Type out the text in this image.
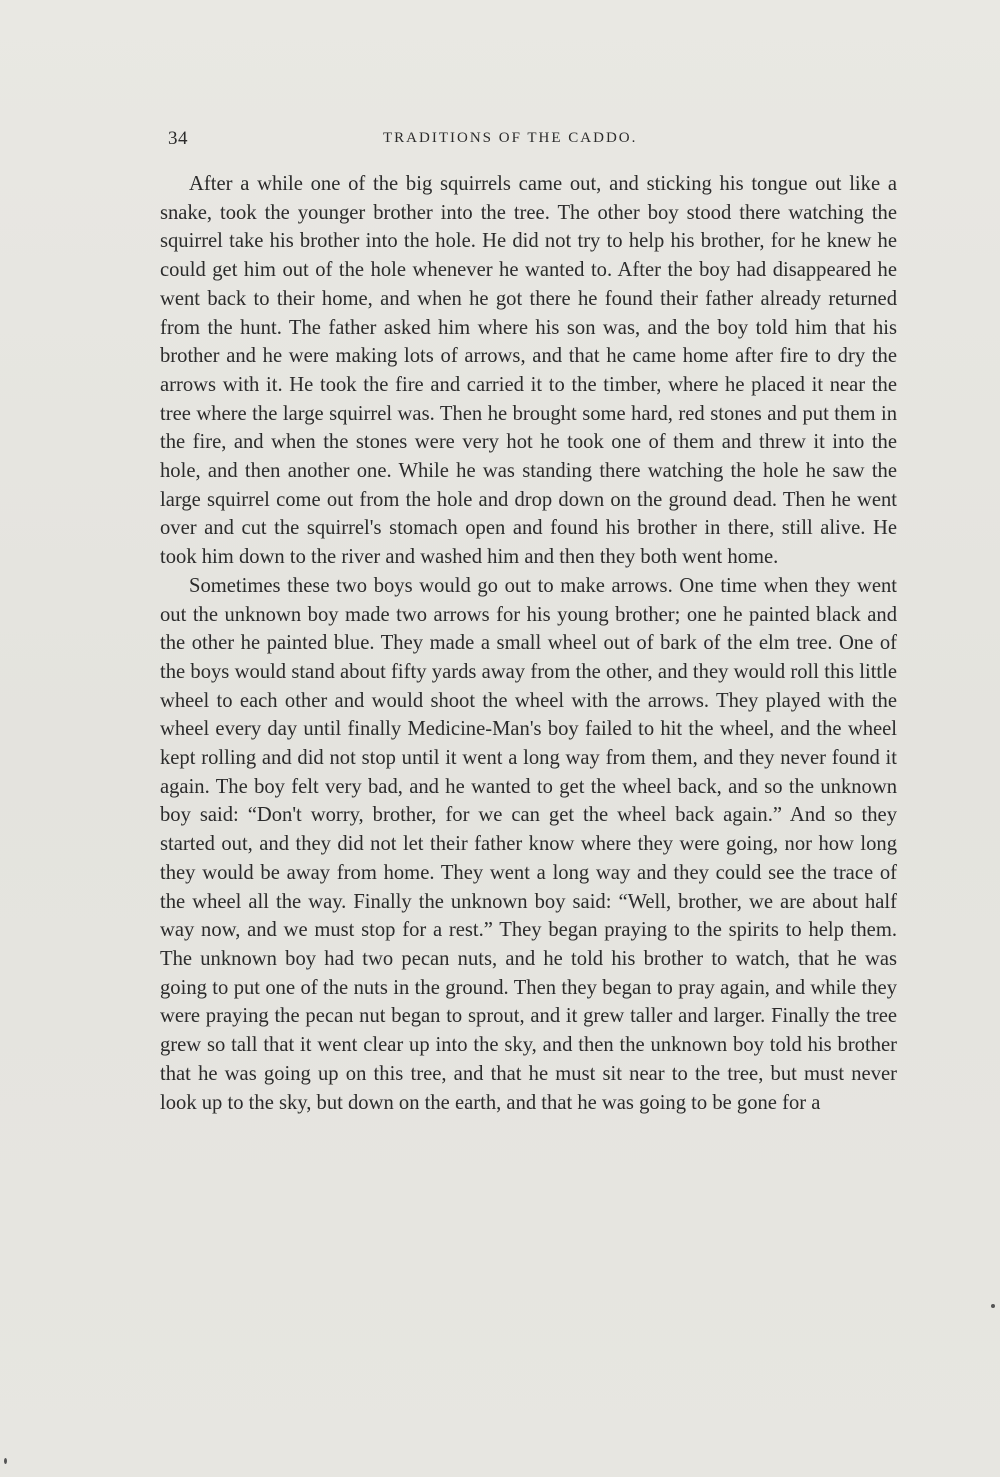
34	TRADITIONS OF THE CADDO.

After a while one of the big squirrels came out, and sticking his tongue out like a snake, took the younger brother into the tree. The other boy stood there watching the squirrel take his brother into the hole. He did not try to help his brother, for he knew he could get him out of the hole whenever he wanted to. After the boy had disappeared he went back to their home, and when he got there he found their father already returned from the hunt. The father asked him where his son was, and the boy told him that his brother and he were making lots of arrows, and that he came home after fire to dry the arrows with it. He took the fire and carried it to the timber, where he placed it near the tree where the large squirrel was. Then he brought some hard, red stones and put them in the fire, and when the stones were very hot he took one of them and threw it into the hole, and then another one. While he was standing there watching the hole he saw the large squirrel come out from the hole and drop down on the ground dead. Then he went over and cut the squirrel's stomach open and found his brother in there, still alive. He took him down to the river and washed him and then they both went home.

Sometimes these two boys would go out to make arrows. One time when they went out the unknown boy made two arrows for his young brother; one he painted black and the other he painted blue. They made a small wheel out of bark of the elm tree. One of the boys would stand about fifty yards away from the other, and they would roll this little wheel to each other and would shoot the wheel with the arrows. They played with the wheel every day until finally Medicine-Man's boy failed to hit the wheel, and the wheel kept rolling and did not stop until it went a long way from them, and they never found it again. The boy felt very bad, and he wanted to get the wheel back, and so the unknown boy said: “Don't worry, brother, for we can get the wheel back again.” And so they started out, and they did not let their father know where they were going, nor how long they would be away from home. They went a long way and they could see the trace of the wheel all the way. Finally the unknown boy said: “Well, brother, we are about half way now, and we must stop for a rest.” They began praying to the spirits to help them. The unknown boy had two pecan nuts, and he told his brother to watch, that he was going to put one of the nuts in the ground. Then they began to pray again, and while they were praying the pecan nut began to sprout, and it grew taller and larger. Finally the tree grew so tall that it went clear up into the sky, and then the unknown boy told his brother that he was going up on this tree, and that he must sit near to the tree, but must never look up to the sky, but down on the earth, and that he was going to be gone for a
